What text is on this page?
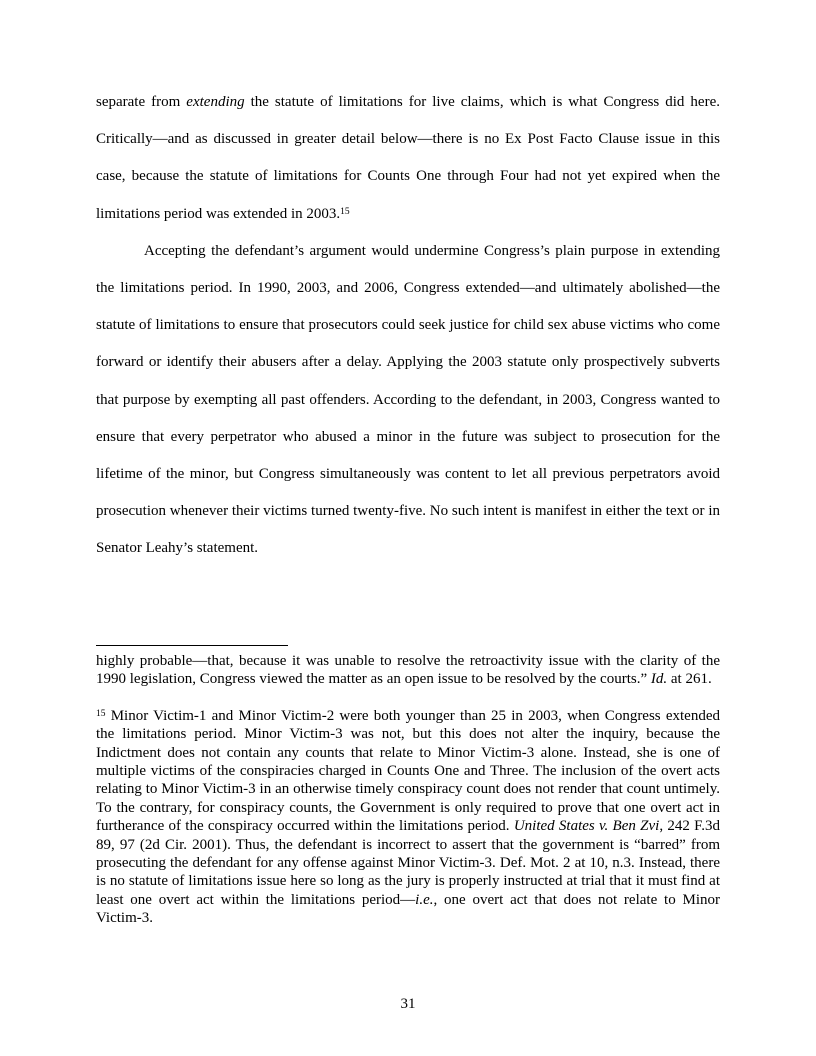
separate from extending the statute of limitations for live claims, which is what Congress did here. Critically—and as discussed in greater detail below—there is no Ex Post Facto Clause issue in this case, because the statute of limitations for Counts One through Four had not yet expired when the limitations period was extended in 2003.15

Accepting the defendant’s argument would undermine Congress’s plain purpose in extending the limitations period. In 1990, 2003, and 2006, Congress extended—and ultimately abolished—the statute of limitations to ensure that prosecutors could seek justice for child sex abuse victims who come forward or identify their abusers after a delay. Applying the 2003 statute only prospectively subverts that purpose by exempting all past offenders. According to the defendant, in 2003, Congress wanted to ensure that every perpetrator who abused a minor in the future was subject to prosecution for the lifetime of the minor, but Congress simultaneously was content to let all previous perpetrators avoid prosecution whenever their victims turned twenty-five. No such intent is manifest in either the text or in Senator Leahy’s statement.

highly probable—that, because it was unable to resolve the retroactivity issue with the clarity of the 1990 legislation, Congress viewed the matter as an open issue to be resolved by the courts.” Id. at 261.

$^{15}$ Minor Victim-1 and Minor Victim-2 were both younger than 25 in 2003, when Congress extended the limitations period. Minor Victim-3 was not, but this does not alter the inquiry, because the Indictment does not contain any counts that relate to Minor Victim-3 alone. Instead, she is one of multiple victims of the conspiracies charged in Counts One and Three. The inclusion of the overt acts relating to Minor Victim-3 in an otherwise timely conspiracy count does not render that count untimely. To the contrary, for conspiracy counts, the Government is only required to prove that one overt act in furtherance of the conspiracy occurred within the limitations period. United States v. Ben Zvi, 242 F.3d 89, 97 (2d Cir. 2001). Thus, the defendant is incorrect to assert that the government is “barred” from prosecuting the defendant for any offense against Minor Victim-3. Def. Mot. 2 at 10, n.3. Instead, there is no statute of limitations issue here so long as the jury is properly instructed at trial that it must find at least one overt act within the limitations period—i.e., one overt act that does not relate to Minor Victim-3.

31
